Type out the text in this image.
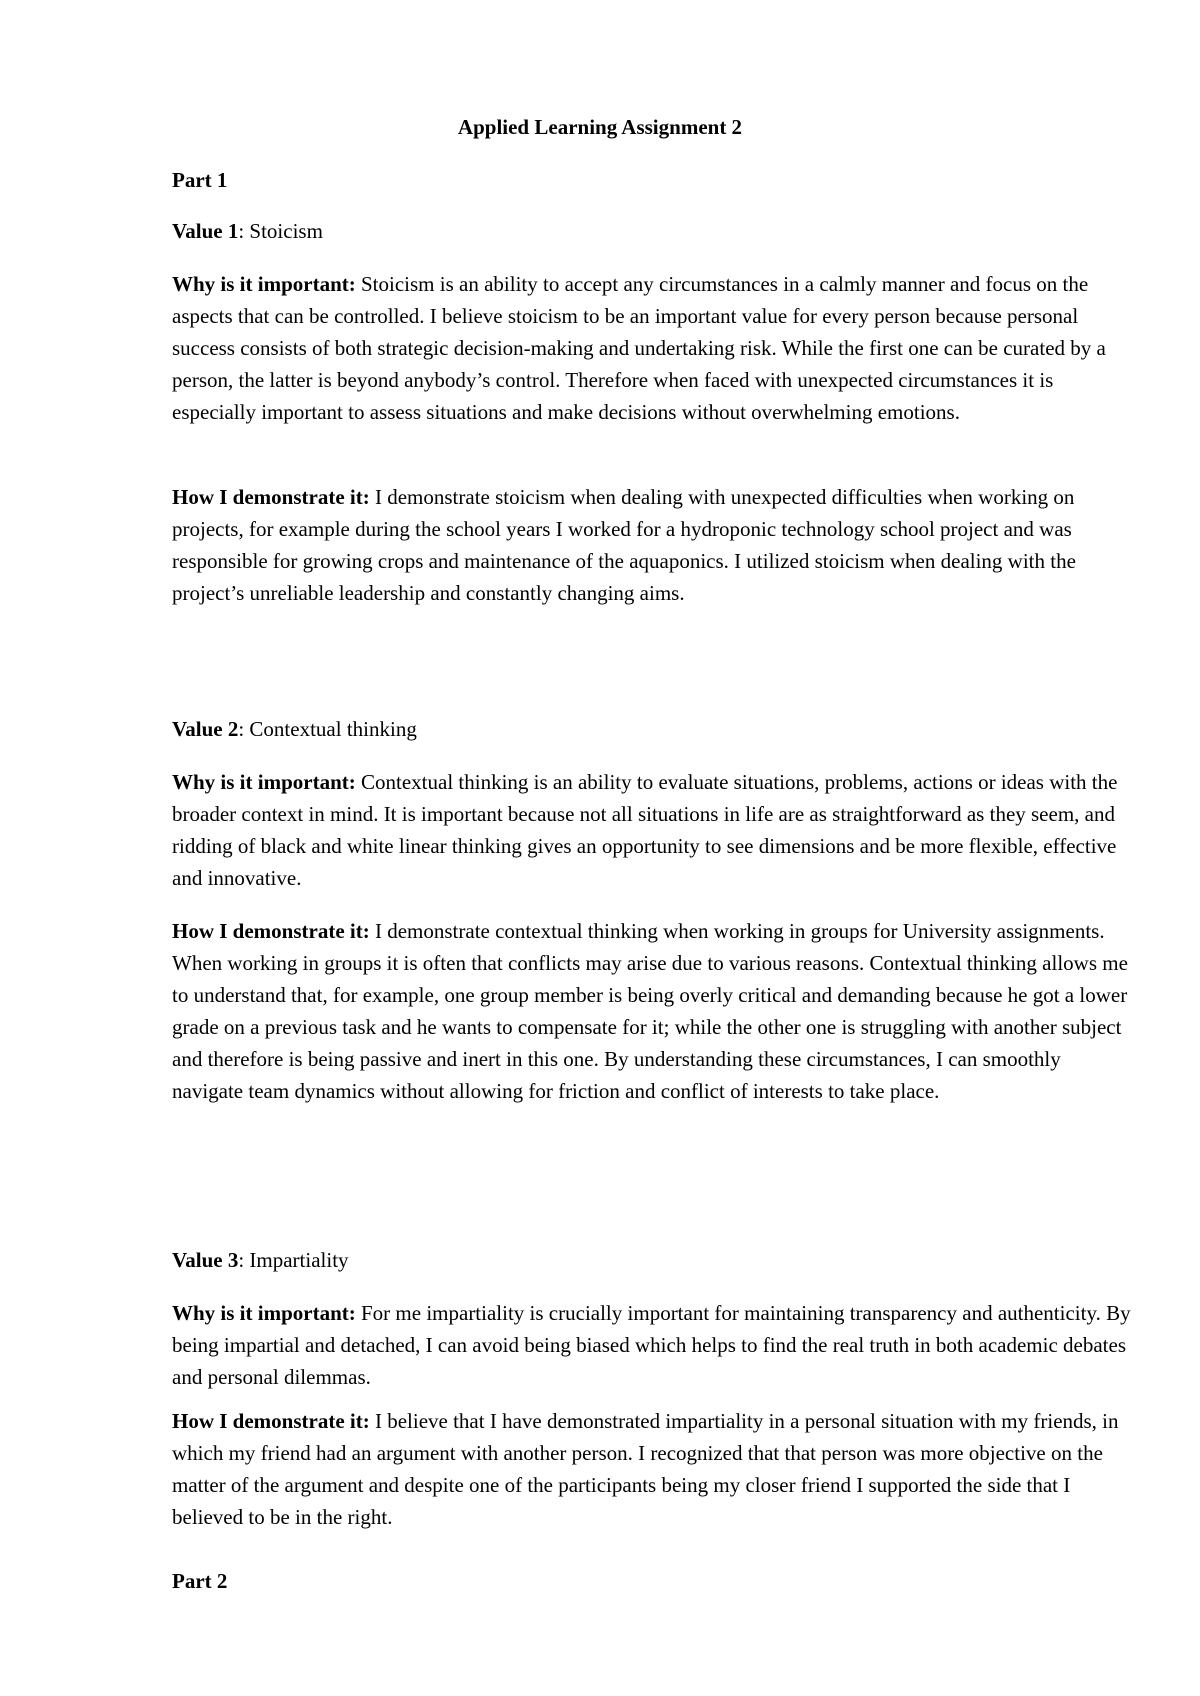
Applied Learning Assignment 2

Part 1

Value 1: Stoicism

Why is it important: Stoicism is an ability to accept any circumstances in a calmly manner and focus on the aspects that can be controlled. I believe stoicism to be an important value for every person because personal success consists of both strategic decision-making and undertaking risk. While the first one can be curated by a person, the latter is beyond anybody’s control. Therefore when faced with unexpected circumstances it is especially important to assess situations and make decisions without overwhelming emotions.

How I demonstrate it: I demonstrate stoicism when dealing with unexpected difficulties when working on projects, for example during the school years I worked for a hydroponic technology school project and was responsible for growing crops and maintenance of the aquaponics. I utilized stoicism when dealing with the project’s unreliable leadership and constantly changing aims.

Value 2: Contextual thinking

Why is it important: Contextual thinking is an ability to evaluate situations, problems, actions or ideas with the broader context in mind. It is important because not all situations in life are as straightforward as they seem, and ridding of black and white linear thinking gives an opportunity to see dimensions and be more flexible, effective and innovative.

How I demonstrate it: I demonstrate contextual thinking when working in groups for University assignments. When working in groups it is often that conflicts may arise due to various reasons. Contextual thinking allows me to understand that, for example, one group member is being overly critical and demanding because he got a lower grade on a previous task and he wants to compensate for it; while the other one is struggling with another subject and therefore is being passive and inert in this one. By understanding these circumstances, I can smoothly navigate team dynamics without allowing for friction and conflict of interests to take place.

Value 3: Impartiality

Why is it important: For me impartiality is crucially important for maintaining transparency and authenticity. By being impartial and detached, I can avoid being biased which helps to find the real truth in both academic debates and personal dilemmas.

How I demonstrate it: I believe that I have demonstrated impartiality in a personal situation with my friends, in which my friend had an argument with another person. I recognized that that person was more objective on the matter of the argument and despite one of the participants being my closer friend I supported the side that I believed to be in the right.

Part 2
